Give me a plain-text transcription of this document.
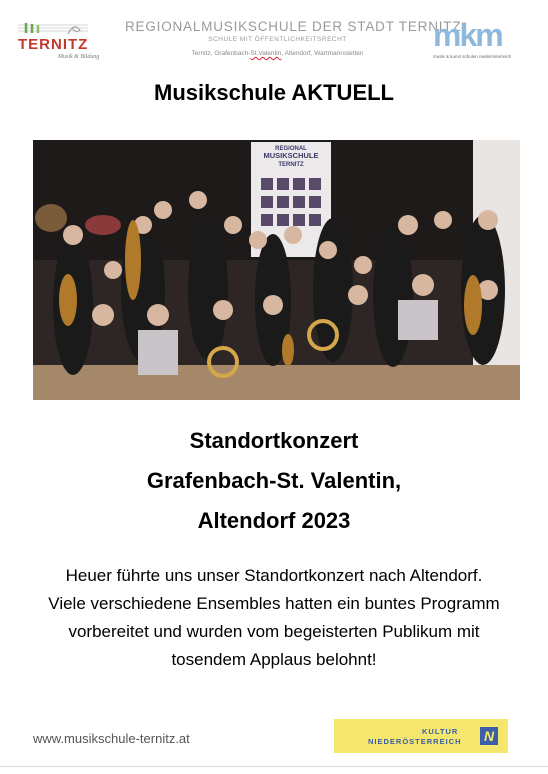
TERNITZ
Musik & Bildung
REGIONALMUSIKSCHULE DER STADT TERNITZ
SCHULE MIT ÖFFENTLICHKEITSRECHT
Ternitz, Grafenbach-St.Valentin, Altendorf, Wartmannstetten
mkm
musik & kunst schulen niederösterreich
Musikschule AKTUELL
REGIONAL
MUSIKSCHULE
TERNITZ
Standortkonzert
Grafenbach-St. Valentin,
Altendorf 2023
Heuer führte uns unser Standortkonzert nach Altendorf.
Viele verschiedene Ensembles hatten ein buntes Programm
vorbereitet und wurden vom begeisterten Publikum mit
tosendem Applaus belohnt!
www.musikschule-ternitz.at	KULTUR
NIEDERÖSTERREICH N
